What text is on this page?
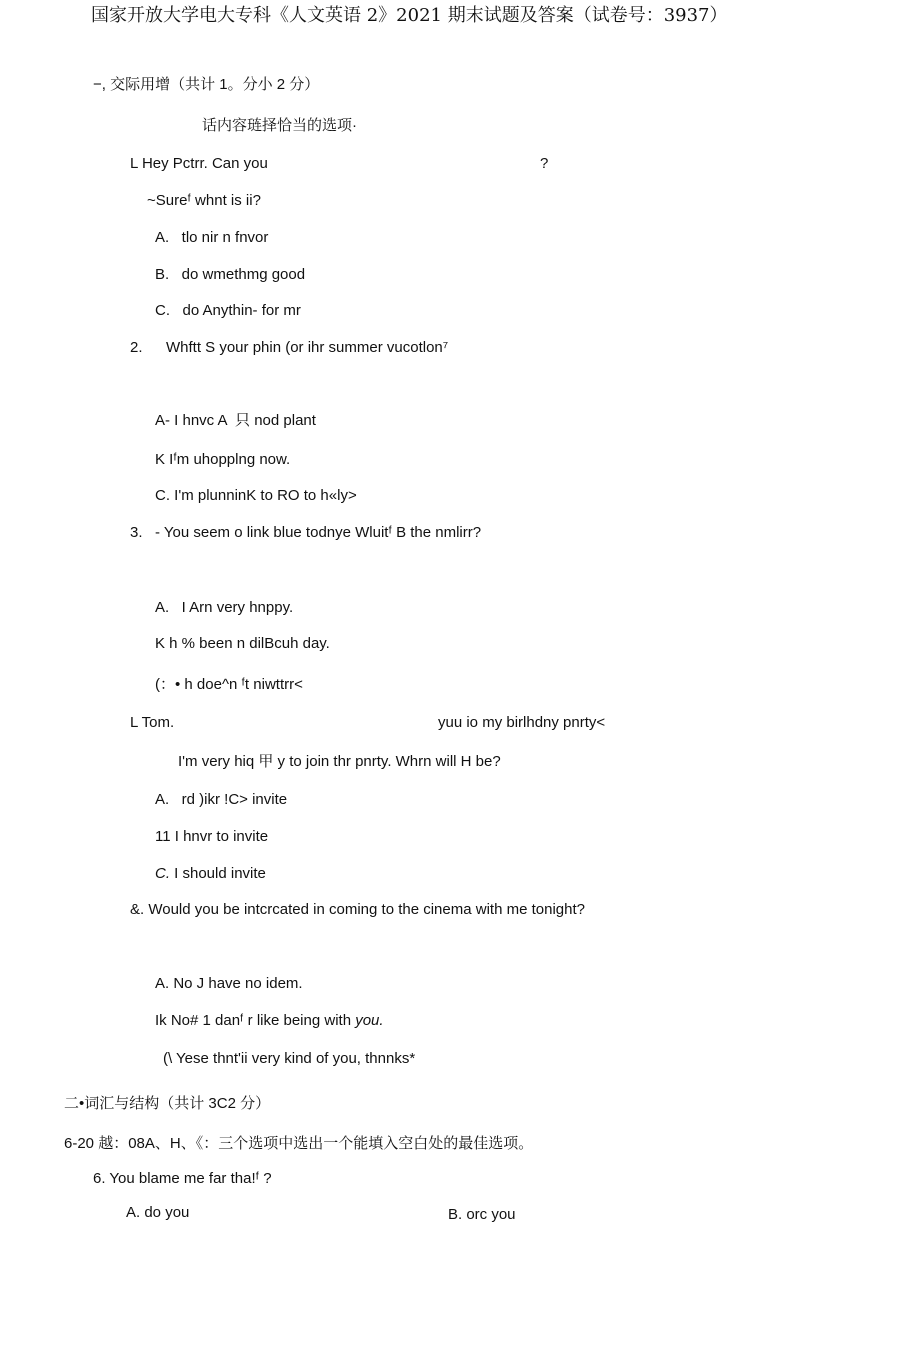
国家开放大学电大专科《人文英语 2》2021 期末试题及答案（试卷号：3937）
−, 交际用增（共计 1。分小 2 分）
话内容琏择恰当的选项·
L Hey Pctrr. Can you	?
~Sureᶠ whnt is ii?
A.   tlo nir n fnvor
B.   do wmethmg good
C.   do Anythin- for mr
2. Whftt S your phin (or ihr summer vucotlon⁷
A- I hnvc A  只 nod plant
K Iᶠm uhopplng now.
C. I'm plunninK to RO to h«ly>
3. - You seem o link blue todnye Wluitᶠ B the nmlirr?
A.   I Arn very hnppy.
K h % been n dilBcuh day.
(：• h doe^n ᶠt niwttrr<
L Tom.	yuu io my birlhdny pnrty<
I'm very hiq 甲 y to join thr pnrty. Whrn will H be?
A.   rd )ikr !C> invite
11 I hnvr to invite
C. I should invite
&. Would you be intcrcated in coming to the cinema with me tonight?
A. No J have no idem.
Ik No# 1 danᶠ r like being with you.
(\ Yese thnt'ii very kind of you, thnnks*
二•词汇与结构（共计 3C2 分）
6-20 越：08A、H、《：三个选项中选出一个能填入空白处的最佳选项。
6. You blame me far tha!ᶠ ?
A. do you	B. orc you
